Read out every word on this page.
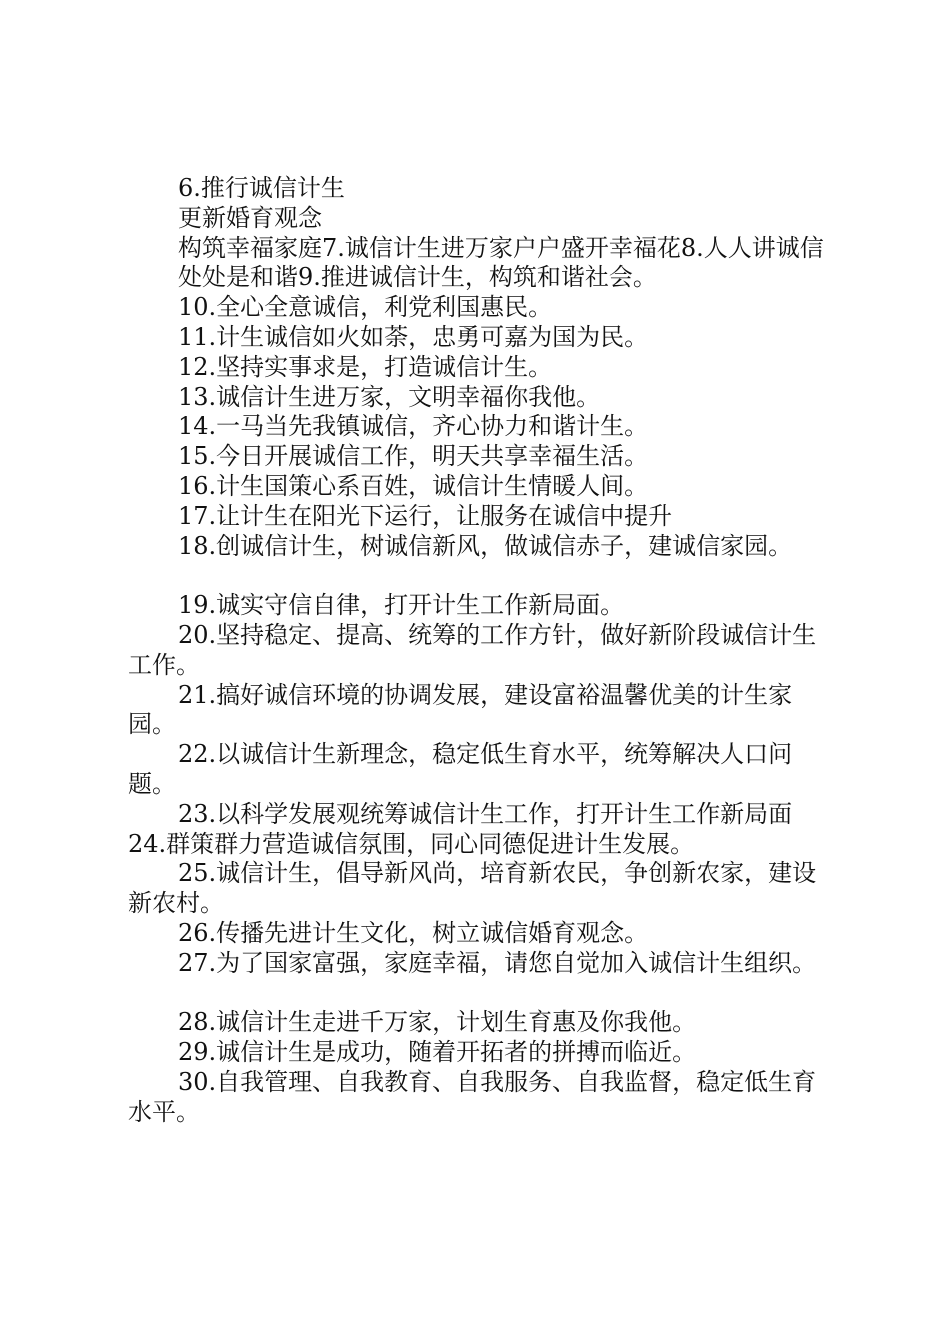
6.推行诚信计生

更新婚育观念

构筑幸福家庭7.诚信计生进万家户户盛开幸福花8.人人讲诚信

处处是和谐9.推进诚信计生，构筑和谐社会。

10.全心全意诚信，利党利国惠民。

11.计生诚信如火如荼，忠勇可嘉为国为民。

12.坚持实事求是，打造诚信计生。

13.诚信计生进万家，文明幸福你我他。

14.一马当先我镇诚信，齐心协力和谐计生。

15.今日开展诚信工作，明天共享幸福生活。

16.计生国策心系百姓，诚信计生情暖人间。

17.让计生在阳光下运行，让服务在诚信中提升

18.创诚信计生，树诚信新风，做诚信赤子，建诚信家园。

19.诚实守信自律，打开计生工作新局面。

20.坚持稳定、提高、统筹的工作方针，做好新阶段诚信计生工作。

21.搞好诚信环境的协调发展，建设富裕温馨优美的计生家园。

22.以诚信计生新理念，稳定低生育水平，统筹解决人口问题。

23.以科学发展观统筹诚信计生工作，打开计生工作新局面

24.群策群力营造诚信氛围，同心同德促进计生发展。

25.诚信计生，倡导新风尚，培育新农民，争创新农家，建设新农村。

26.传播先进计生文化，树立诚信婚育观念。

27.为了国家富强，家庭幸福，请您自觉加入诚信计生组织。

28.诚信计生走进千万家，计划生育惠及你我他。

29.诚信计生是成功，随着开拓者的拼搏而临近。

30.自我管理、自我教育、自我服务、自我监督，稳定低生育水平。
